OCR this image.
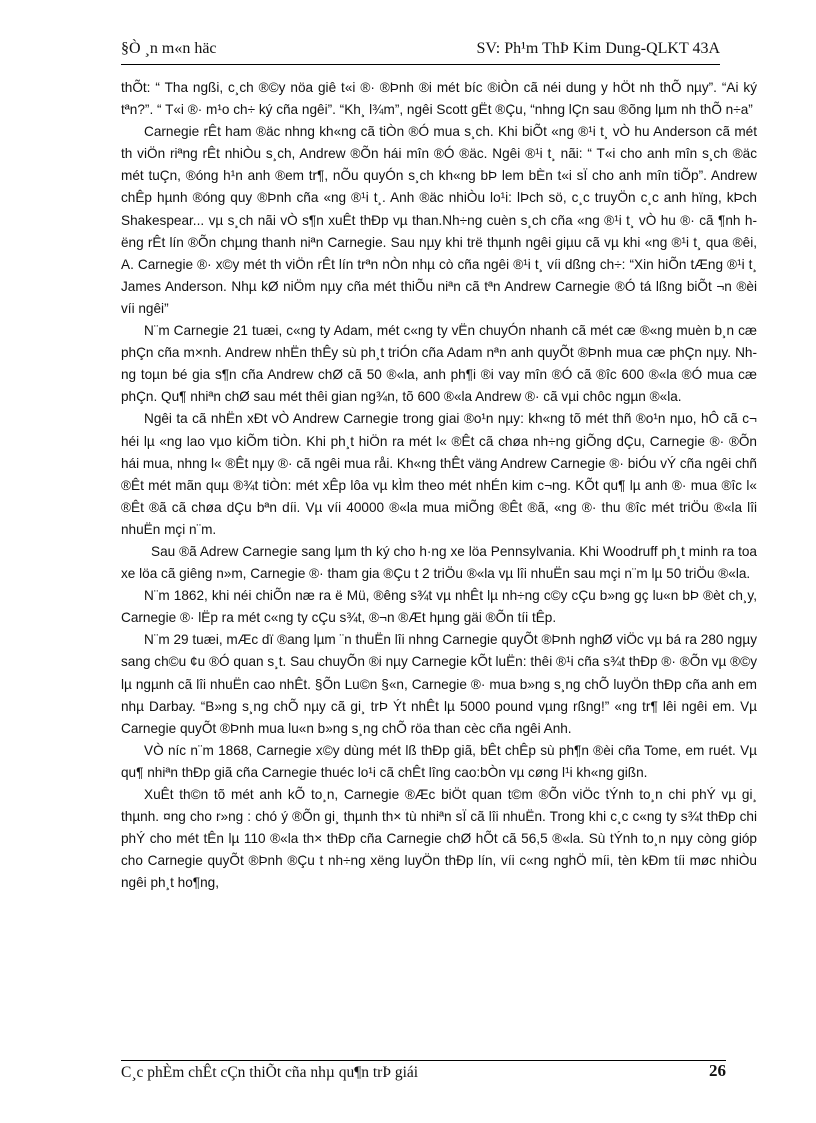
§Ò ¸n m«n häc	SV: Ph¹m ThÞ Kim Dung-QLKT 43A

thÕt: “ Tha ngßi, c¸ch ®©y nöa giê t«i ®· ®Þnh ®i mét bíc ®iÒn cã néi dung y hÖt nh thÕ nµy”. “Ai ký tªn?”. “ T«i ®· m¹o ch÷ ký cña ngêi”. “Kh¸ l¾m”, ngêi Scott gËt ®Çu, “nhng lÇn sau ®õng lµm nh thÕ n÷a”

Carnegie rÊt ham ®äc nhng kh«ng cã tiÒn ®Ó mua s¸ch. Khi biÕt «ng ®¹i t¸ vÒ hu Anderson cã mét th viÖn riªng rÊt nhiÒu s¸ch, Andrew ®Õn hái mîn ®Ó ®äc. Ngêi ®¹i t¸ nãi: “ T«i cho anh mîn s¸ch ®äc mét tuÇn, ®óng h¹n anh ®em tr¶, nÕu quyÓn s¸ch kh«ng bÞ lem bÈn t«i sÏ cho anh mîn tiÕp”. Andrew chÊp hµnh ®óng quy ®Þnh cña «ng ®¹i t¸. Anh ®äc nhiÒu lo¹i: lÞch sö, c¸c truyÖn c¸c anh hïng, kÞch Shakespear... vµ s¸ch nãi vÒ s¶n xuÊt thÐp vµ than.Nh÷ng cuèn s¸ch cña «ng ®¹i t¸ vÒ hu ®· cã ¶nh hëng rÊt lín ®Õn chµng thanh niªn Carnegie. Sau nµy khi trë thµnh ngêi giµu cã vµ khi «ng ®¹i t¸ qua ®êi, A. Carnegie ®· x©y mét th viÖn rÊt lín trªn nÒn nhµ cò cña ngêi ®¹i t¸ víi dßng ch÷: “Xin hiÕn tÆng ®¹i t¸ James Anderson. Nhµ kØ niÖm nµy cña mét thiÕu niªn cã tªn Andrew Carnegie ®Ó tá lßng biÕt ¬n ®èi víi ngêi”

N¨m Carnegie 21 tuæi, c«ng ty Adam, mét c«ng ty vËn chuyÓn nhanh cã mét cæ ®«ng muèn b¸n cæ phÇn cña m×nh. Andrew nhËn thÊy sù ph¸t triÓn cña Adam nªn anh quyÕt ®Þnh mua cæ phÇn nµy. Nhng toµn bé gia s¶n cña Andrew chØ cã 50 ®«la, anh ph¶i ®i vay mîn ®Ó cã ®îc 600 ®«la ®Ó mua cæ phÇn. Qu¶ nhiªn chØ sau mét thêi gian ng¾n, tõ 600 ®«la Andrew ®· cã vµi chôc ngµn ®«la.

Ngêi ta cã nhËn xÐt vÒ Andrew Carnegie trong giai ®o¹n nµy: kh«ng tõ mét thñ ®o¹n nµo, hÔ cã c¬ héi lµ «ng lao vµo kiÕm tiÒn. Khi ph¸t hiÖn ra mét l« ®Êt cã chøa nh÷ng giÕng dÇu, Carnegie ®· ®Õn hái mua, nhng l« ®Êt nµy ®· cã ngêi mua råi. Kh«ng thÊt väng Andrew Carnegie ®· biÓu vÝ cña ngêi chñ ®Êt mét mãn quµ ®¾t tiÒn: mét xÊp lôa vµ kÌm theo mét nhÉn kim c¬ng. KÕt qu¶ lµ anh ®· mua ®îc l« ®Êt ®ã cã chøa dÇu bªn díi. Vµ víi 40000 ®«la mua miÕng ®Êt ®ã, «ng ®· thu ®îc mét triÖu ®«la lîi nhuËn mçi n¨m.

Sau ®ã Adrew Carnegie sang lµm th ký cho h·ng xe löa Pennsylvania. Khi Woodruff ph¸t minh ra toa xe löa cã giêng n»m, Carnegie ®· tham gia ®Çu t 2 triÖu ®«la vµ lîi nhuËn sau mçi n¨m lµ 50 triÖu ®«la.

N¨m 1862, khi néi chiÕn næ ra ë Mü, ®êng s¾t vµ nhÊt lµ nh÷ng c©y cÇu b»ng gç lu«n bÞ ®èt ch¸y, Carnegie ®· lËp ra mét c«ng ty cÇu s¾t, ®¬n ®Æt hµng gäi ®Õn tíi tÊp.

N¨m 29 tuæi, mÆc dï ®ang lµm ¨n thuËn lîi nhng Carnegie quyÕt ®Þnh nghØ viÖc vµ bá ra 280 ngµy sang ch©u ¢u ®Ó quan s¸t. Sau chuyÕn ®i nµy Carnegie kÕt luËn: thêi ®¹i cña s¾t thÐp ®· ®Õn vµ ®©y lµ ngµnh cã lîi nhuËn cao nhÊt. §Õn Lu©n §«n, Carnegie ®· mua b»ng s¸ng chÕ luyÖn thÐp cña anh em nhµ Darbay. “B»ng s¸ng chÕ nµy cã gi¸ trÞ Ýt nhÊt lµ 5000 pound vµng rßng!” «ng tr¶ lêi ngêi em. Vµ Carnegie quyÕt ®Þnh mua lu«n b»ng s¸ng chÕ röa than cèc cña ngêi Anh.

VÒ níc n¨m 1868, Carnegie x©y dùng mét lß thÐp giã, bÊt chÊp sù ph¶n ®èi cña Tome, em ruét. Vµ qu¶ nhiªn thÐp giã cña Carnegie thuéc lo¹i cã chÊt lîng cao:bÒn vµ cøng l¹i kh«ng gißn.

XuÊt th©n tõ mét anh kÕ to¸n, Carnegie ®Æc biÖt quan t©m ®Õn viÖc tÝnh to¸n chi phÝ vµ gi¸ thµnh. ¤ng cho r»ng : chó ý ®Õn gi¸ thµnh th× tù nhiªn sÏ cã lîi nhuËn. Trong khi c¸c c«ng ty s¾t thÐp chi phÝ cho mét tÊn lµ 110 ®«la th× thÐp cña Carnegie chØ hÕt cã 56,5 ®«la. Sù tÝnh to¸n nµy còng gióp cho Carnegie quyÕt ®Þnh ®Çu t nh÷ng xëng luyÖn thÐp lín, víi c«ng nghÖ míi, tèn kÐm tíi møc nhiÒu ngêi ph¸t ho¶ng,

C¸c phÈm chÊt cÇn thiÕt cña nhµ qu¶n trÞ giái	26
